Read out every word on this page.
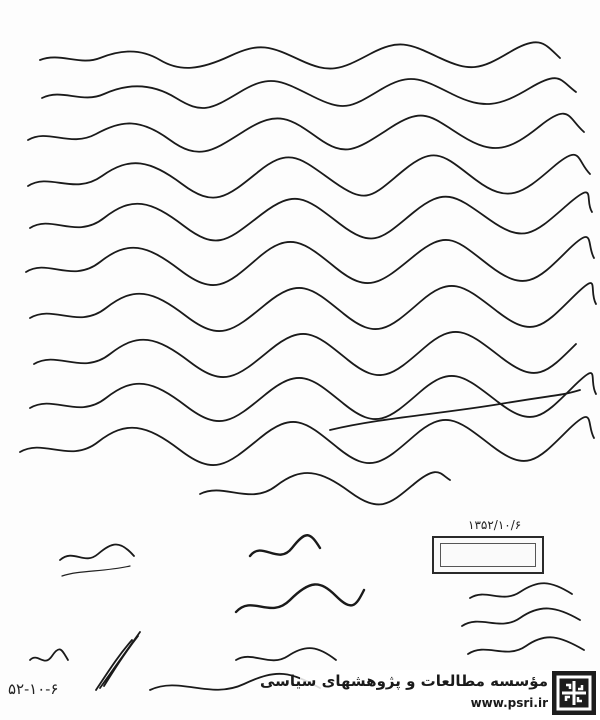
۱۳۵۲/۱۰/۶
۵۲-۱۰-۶	مؤسسه مطالعات و پژوهشهای سیاسی
www.psri.ir
